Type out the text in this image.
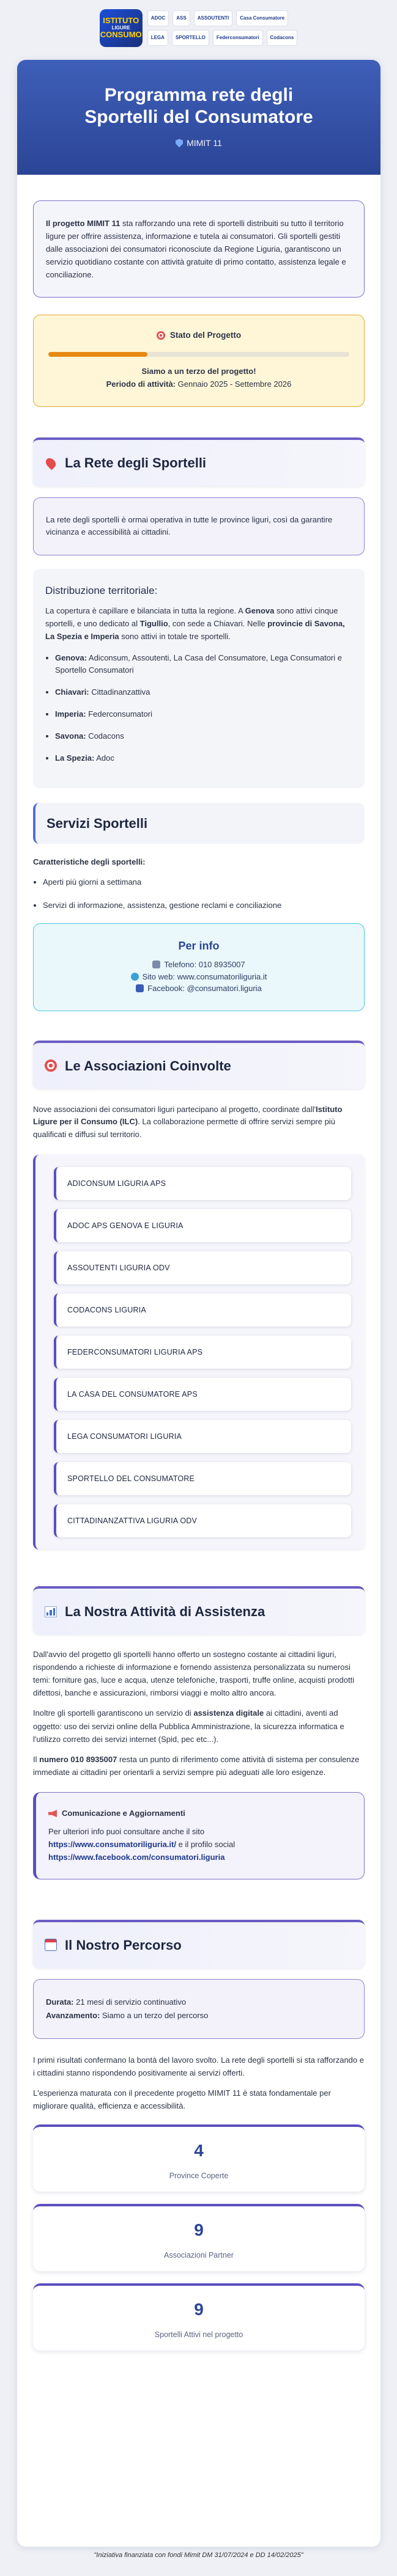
ISTITUTO
LIGURE
CONSUMO
ADOC	ASS	ASSOUTENTI	Casa Consumatore
LEGA	SPORTELLO	Federconsumatori	Codacons
Programma rete degli
Sportelli del Consumatore
MIMIT 11
Il progetto MIMIT 11 sta rafforzando una rete di sportelli distribuiti su tutto il territorio ligure per offrire assistenza, informazione e tutela ai consumatori. Gli sportelli gestiti dalle associazioni dei consumatori riconosciute da Regione Liguria, garantiscono un servizio quotidiano costante con attività gratuite di primo contatto, assistenza legale e conciliazione.
Stato del Progetto
Siamo a un terzo del progetto!
Periodo di attività: Gennaio 2025 - Settembre 2026
La Rete degli Sportelli
La rete degli sportelli è ormai operativa in tutte le province liguri, così da garantire vicinanza e accessibilità ai cittadini.
Distribuzione territoriale:

La copertura è capillare e bilanciata in tutta la regione. A Genova sono attivi cinque sportelli, e uno dedicato al Tigullio, con sede a Chiavari. Nelle provincie di Savona, La Spezia e Imperia sono attivi in totale tre sportelli.

• Genova: Adiconsum, Assoutenti, La Casa del Consumatore, Lega Consumatori e Sportello Consumatori
• Chiavari: Cittadinanzattiva
• Imperia: Federconsumatori
• Savona: Codacons
• La Spezia: Adoc
Servizi Sportelli
Caratteristiche degli sportelli:
• Aperti più giorni a settimana
• Servizi di informazione, assistenza, gestione reclami e conciliazione
Per info
Telefono: 010 8935007
Sito web: www.consumatoriliguria.it
Facebook: @consumatori.liguria
Le Associazioni Coinvolte

Nove associazioni dei consumatori liguri partecipano al progetto, coordinate dall'Istituto Ligure per il Consumo (ILC). La collaborazione permette di offrire servizi sempre più qualificati e diffusi sul territorio.

ADICONSUM LIGURIA APS
ADOC APS GENOVA E LIGURIA
ASSOUTENTI LIGURIA ODV
CODACONS LIGURIA
FEDERCONSUMATORI LIGURIA APS
LA CASA DEL CONSUMATORE APS
LEGA CONSUMATORI LIGURIA
SPORTELLO DEL CONSUMATORE
CITTADINANZATTIVA LIGURIA ODV
La Nostra Attività di Assistenza

Dall'avvio del progetto gli sportelli hanno offerto un sostegno costante ai cittadini liguri, rispondendo a richieste di informazione e fornendo assistenza personalizzata su numerosi temi: forniture gas, luce e acqua, utenze telefoniche, trasporti, truffe online, acquisti prodotti difettosi, banche e assicurazioni, rimborsi viaggi e molto altro ancora.

Inoltre gli sportelli garantiscono un servizio di assistenza digitale ai cittadini, aventi ad oggetto: uso dei servizi online della Pubblica Amministrazione, la sicurezza informatica e l'utilizzo corretto dei servizi internet (Spid, pec etc...).

Il numero 010 8935007 resta un punto di riferimento come attività di sistema per consulenze immediate ai cittadini per orientarli a servizi sempre più adeguati alle loro esigenze.

Comunicazione e Aggiornamenti
Per ulteriori info puoi consultare anche il sito
https://www.consumatoriliguria.it/ e il profilo social
https://www.facebook.com/consumatori.liguria
Il Nostro Percorso
Durata: 21 mesi di servizio continuativo
Avanzamento: Siamo a un terzo del percorso

I primi risultati confermano la bontà del lavoro svolto. La rete degli sportelli si sta rafforzando e i cittadini stanno rispondendo positivamente ai servizi offerti.

L'esperienza maturata con il precedente progetto MIMIT 11 è stata fondamentale per migliorare qualità, efficienza e accessibilità.

4
Province Coperte
9
Associazioni Partner
9
Sportelli Attivi nel progetto
"Iniziativa finanziata con fondi Mimit DM 31/07/2024 e DD 14/02/2025"
